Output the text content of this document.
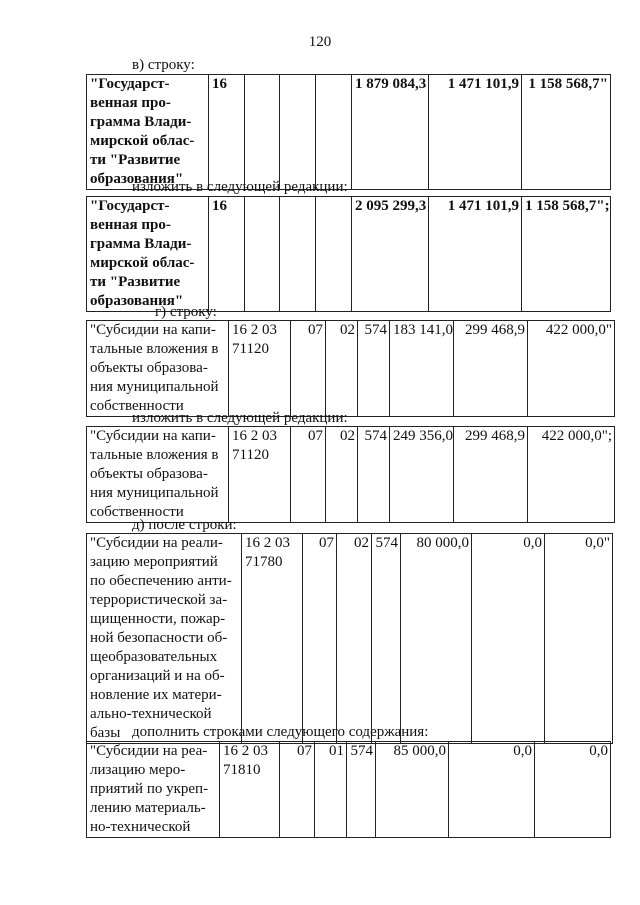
120
в) строку:
"Государст-
венная про-
грамма Влади-
мирской облас-
ти "Развитие
образования"
	16				1 879 084,3	1 471 101,9	1 158 568,7"
изложить в следующей редакции:
"Государст-
венная про-
грамма Влади-
мирской облас-
ти "Развитие
образования"
	16				2 095 299,3	1 471 101,9	1 158 568,7";
г) строку:
"Субсидии на капи-
тальные вложения в
объекты образова-
ния муниципальной
собственности

16 2 03
71120
	07	02	574	183 141,0	299 468,9	422 000,0"
изложить в следующей редакции:
"Субсидии на капи-
тальные вложения в
объекты образова-
ния муниципальной
собственности

16 2 03
71120
	07	02	574	249 356,0	299 468,9	422 000,0";
д) после строки:
"Субсидии на реали-
зацию мероприятий
по обеспечению анти-
террористической за-
щищенности, пожар-
ной безопасности об-
щеобразовательных
организаций и на об-
новление их матери-
ально-технической
базы

16 2 03
71780
	07	02	574	80 000,0	0,0	0,0"
дополнить строками следующего содержания:
"Субсидии на реа-
лизацию меро-
приятий по укреп-
лению материаль-
но-технической

16 2 03
71810
	07	01	574	85 000,0	0,0	0,0
